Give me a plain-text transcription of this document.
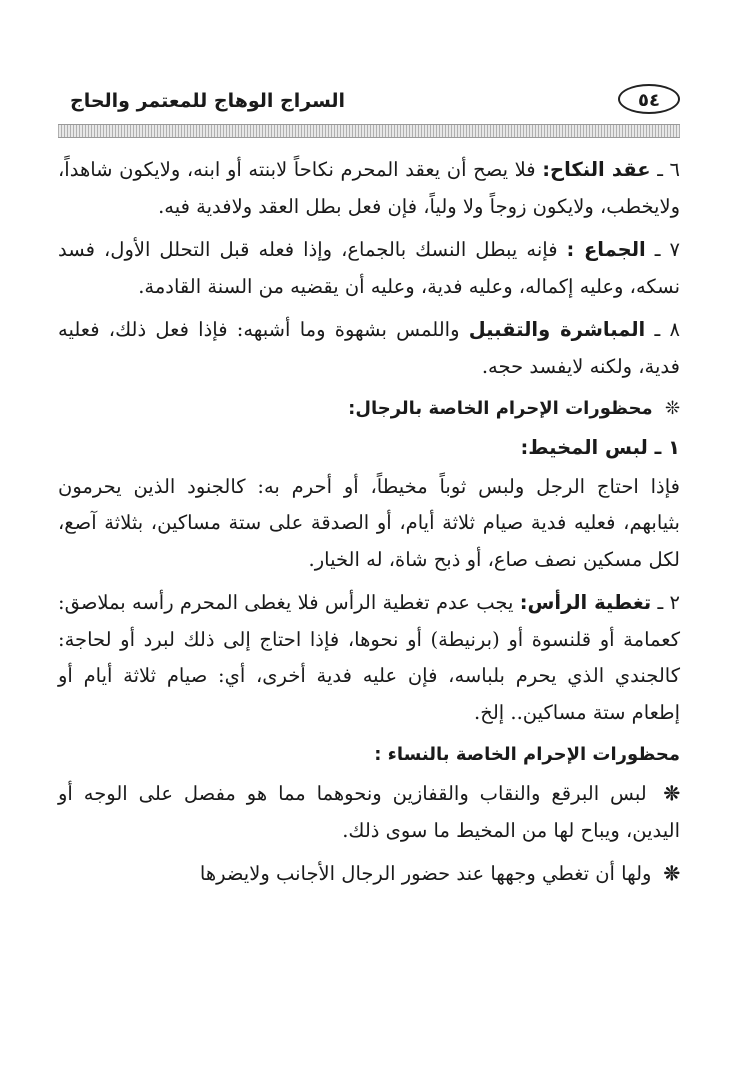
السراج الوهاج للمعتمر والحاج	٥٤

٦ ـ عقد النكاح: فلا يصح أن يعقد المحرم نكاحاً لابنته أو ابنه، ولايكون شاهداً، ولايخطب، ولايكون زوجاً ولا ولياً، فإن فعل بطل العقد ولافدية فيه.

٧ ـ الجماع : فإنه يبطل النسك بالجماع، وإذا فعله قبل التحلل الأول، فسد نسكه، وعليه إكماله، وعليه فدية، وعليه أن يقضيه من السنة القادمة.

٨ ـ المباشرة والتقبيل واللمس بشهوة وما أشبهه: فإذا فعل ذلك، فعليه فدية، ولكنه لايفسد حجه.

❊ محظورات الإحرام الخاصة بالرجال:

١ ـ لبس المخيط:

فإذا احتاج الرجل ولبس ثوباً مخيطاً، أو أحرم به: كالجنود الذين يحرمون بثيابهم، فعليه فدية صيام ثلاثة أيام، أو الصدقة على ستة مساكين، بثلاثة آصع، لكل مسكين نصف صاع، أو ذبح شاة، له الخيار.

٢ ـ تغطية الرأس: يجب عدم تغطية الرأس فلا يغطى المحرم رأسه بملاصق: كعمامة أو قلنسوة أو (برنيطة) أو نحوها، فإذا احتاج إلى ذلك لبرد أو لحاجة: كالجندي الذي يحرم بلباسه، فإن عليه فدية أخرى، أي: صيام ثلاثة أيام أو إطعام ستة مساكين.. إلخ.

محظورات الإحرام الخاصة بالنساء :

❊ لبس البرقع والنقاب والقفازين ونحوهما مما هو مفصل على الوجه أو اليدين، ويباح لها من المخيط ما سوى ذلك.

❊ ولها أن تغطي وجهها عند حضور الرجال الأجانب ولايضرها
